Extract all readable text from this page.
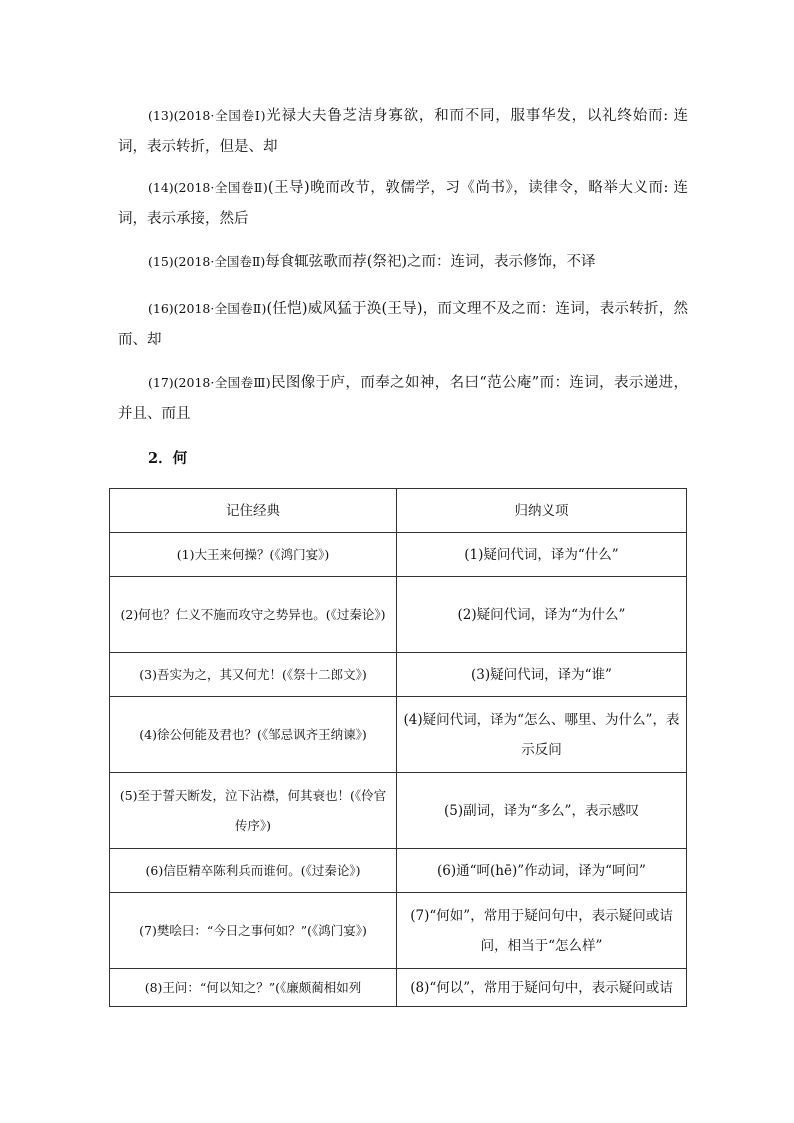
(13)(2018·全国卷Ⅰ)光禄大夫鲁芝洁身寡欲，和而不同，服事华发，以礼终始而: 连词，表示转折，但是、却

(14)(2018·全国卷Ⅱ)(王导)晚而改节，敦儒学，习《尚书》，读律令，略举大义而: 连词，表示承接，然后

(15)(2018·全国卷Ⅱ)每食辄弦歌而荐(祭祀)之而：连词，表示修饰，不译

(16)(2018·全国卷Ⅱ)(任恺)威风猛于涣(王导)，而文理不及之而：连词，表示转折，然而、却

(17)(2018·全国卷Ⅲ)民图像于庐，而奉之如神，名曰“范公庵”而：连词，表示递进，并且、而且

2．何
记住经典	归纳义项
(1)大王来何操？(《鸿门宴》)	(1)疑问代词，译为“什么”
(2)何也？仁义不施而攻守之势异也。(《过秦论》)	(2)疑问代词，译为“为什么”
(3)吾实为之，其又何尤！(《祭十二郎文》)	(3)疑问代词，译为“谁”
(4)徐公何能及君也？(《邹忌讽齐王纳谏》)	(4)疑问代词，译为“怎么、哪里、为什么”，表示反问
(5)至于誓天断发，泣下沾襟，何其衰也！(《伶官传序》)	(5)副词，译为“多么”，表示感叹
(6)信臣精卒陈利兵而谁何。(《过秦论》)	(6)通“呵(hē)”作动词，译为“呵问”
(7)樊哙曰：“今日之事何如？”(《鸿门宴》)	(7)“何如”，常用于疑问句中，表示疑问或诘问，相当于“怎么样”
(8)王问：“何以知之？”(《廉颇蔺相如列	(8)“何以”，常用于疑问句中，表示疑问或诘
